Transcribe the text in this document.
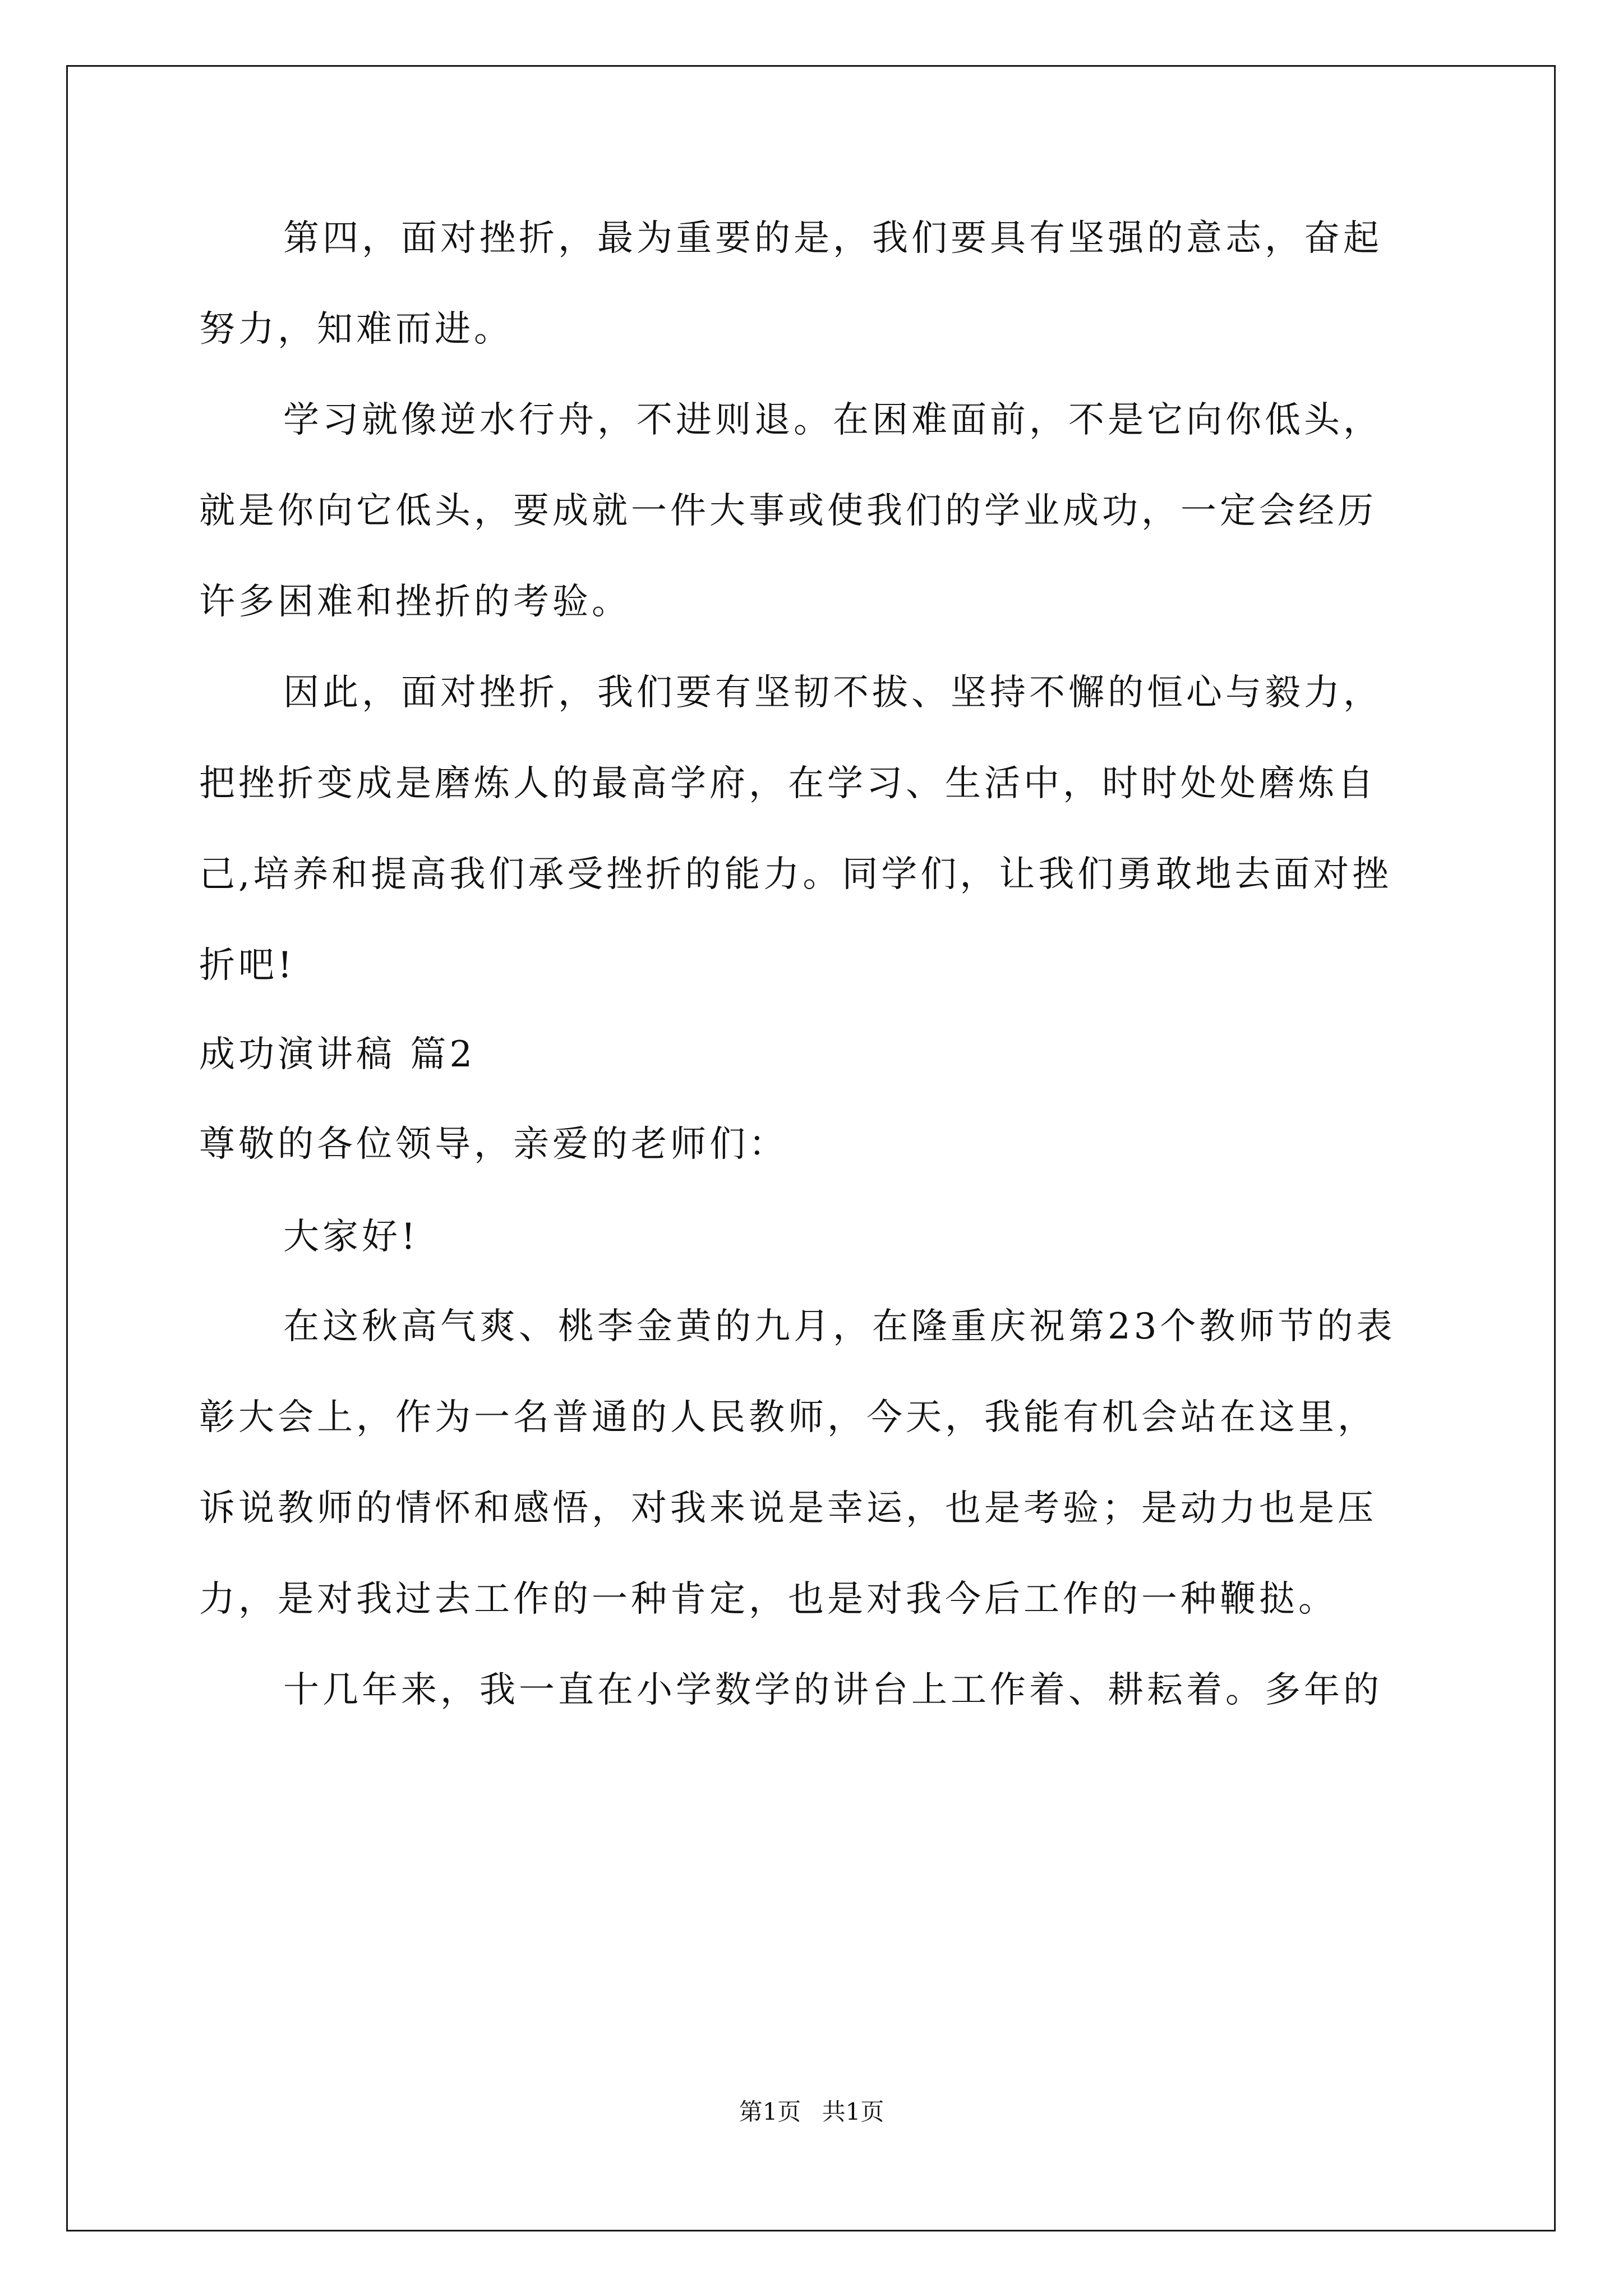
第四，面对挫折，最为重要的是，我们要具有坚强的意志，奋起
努力，知难而进。
学习就像逆水行舟，不进则退。在困难面前，不是它向你低头，
就是你向它低头，要成就一件大事或使我们的学业成功，一定会经历
许多困难和挫折的考验。
因此，面对挫折，我们要有坚韧不拔、坚持不懈的恒心与毅力，
把挫折变成是磨炼人的最高学府，在学习、生活中，时时处处磨炼自
己,培养和提高我们承受挫折的能力。同学们，让我们勇敢地去面对挫
折吧!
成功演讲稿 篇2
尊敬的各位领导，亲爱的老师们：
大家好!
在这秋高气爽、桃李金黄的九月，在隆重庆祝第23个教师节的表
彰大会上，作为一名普通的人民教师，今天，我能有机会站在这里，
诉说教师的情怀和感悟，对我来说是幸运，也是考验；是动力也是压
力，是对我过去工作的一种肯定，也是对我今后工作的一种鞭挞。
十几年来，我一直在小学数学的讲台上工作着、耕耘着。多年的
第1页 共1页
